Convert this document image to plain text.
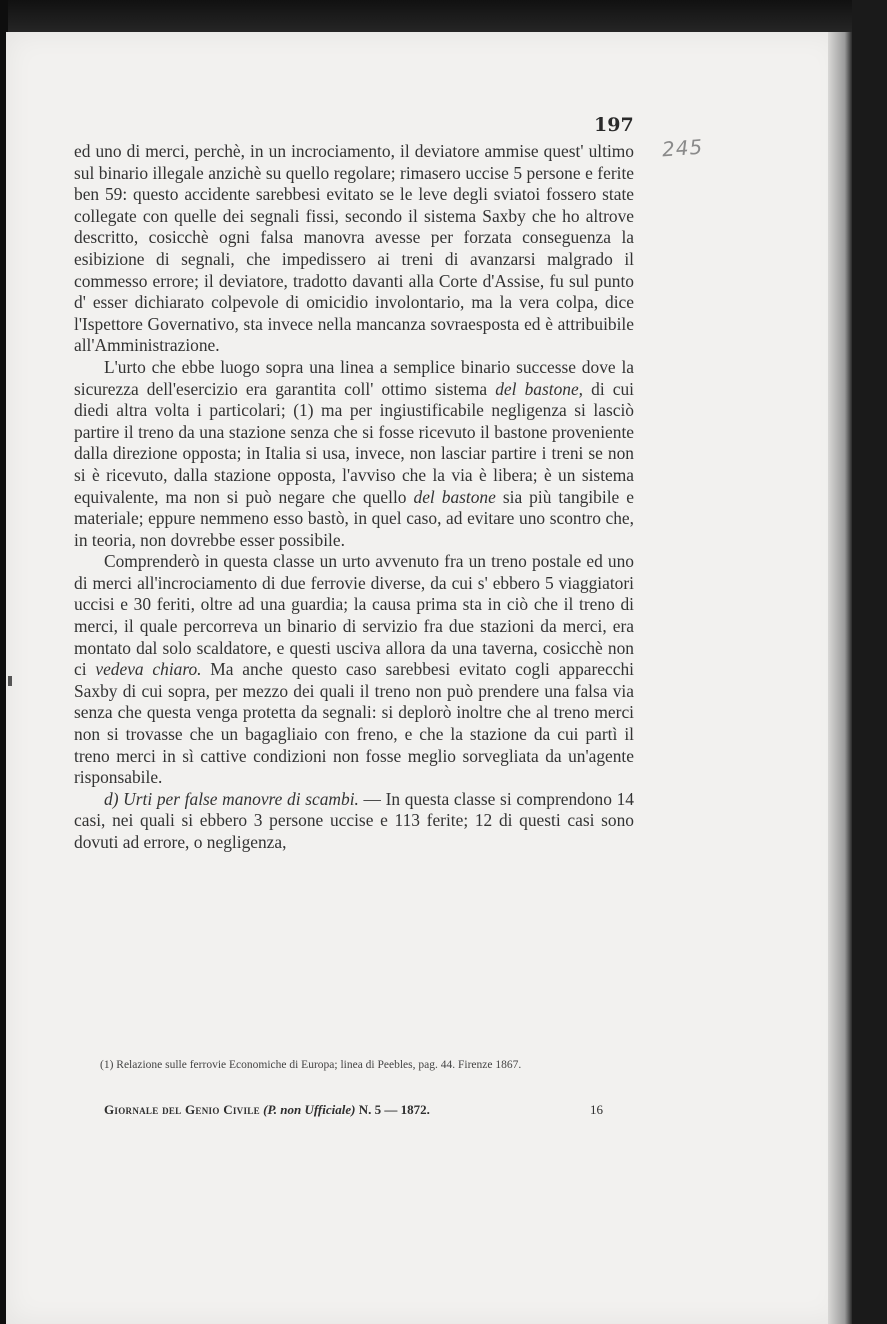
197

245

ed uno di merci, perchè, in un incrociamento, il deviatore ammise quest' ultimo sul binario illegale anzichè su quello regolare; rimasero uccise 5 persone e ferite ben 59: questo accidente sarebbesi evitato se le leve degli sviatoi fossero state collegate con quelle dei segnali fissi, secondo il sistema Saxby che ho altrove descritto, cosicchè ogni falsa manovra avesse per forzata conseguenza la esibizione di segnali, che impedissero ai treni di avanzarsi malgrado il commesso errore; il deviatore, tradotto davanti alla Corte d'Assise, fu sul punto d' esser dichiarato colpevole di omicidio involontario, ma la vera colpa, dice l'Ispettore Governativo, sta invece nella mancanza sovraesposta ed è attribuibile all'Amministrazione.

L'urto che ebbe luogo sopra una linea a semplice binario successe dove la sicurezza dell'esercizio era garantita coll' ottimo sistema del bastone, di cui diedi altra volta i particolari; (1) ma per ingiustificabile negligenza si lasciò partire il treno da una stazione senza che si fosse ricevuto il bastone proveniente dalla direzione opposta; in Italia si usa, invece, non lasciar partire i treni se non si è ricevuto, dalla stazione opposta, l'avviso che la via è libera; è un sistema equivalente, ma non si può negare che quello del bastone sia più tangibile e materiale; eppure nemmeno esso bastò, in quel caso, ad evitare uno scontro che, in teoria, non dovrebbe esser possibile.

Comprenderò in questa classe un urto avvenuto fra un treno postale ed uno di merci all'incrociamento di due ferrovie diverse, da cui s' ebbero 5 viaggiatori uccisi e 30 feriti, oltre ad una guardia; la causa prima sta in ciò che il treno di merci, il quale percorreva un binario di servizio fra due stazioni da merci, era montato dal solo scaldatore, e questi usciva allora da una taverna, cosicchè non ci vedeva chiaro. Ma anche questo caso sarebbesi evitato cogli apparecchi Saxby di cui sopra, per mezzo dei quali il treno non può prendere una falsa via senza che questa venga protetta da segnali: si deplorò inoltre che al treno merci non si trovasse che un bagagliaio con freno, e che la stazione da cui partì il treno merci in sì cattive condizioni non fosse meglio sorvegliata da un'agente risponsabile.

d) Urti per false manovre di scambi. — In questa classe si comprendono 14 casi, nei quali si ebbero 3 persone uccise e 113 ferite; 12 di questi casi sono dovuti ad errore, o negligenza,

(1) Relazione sulle ferrovie Economiche di Europa; linea di Peebles, pag. 44. Firenze 1867.

Giornale del Genio Civile (P. non Ufficiale) N. 5 — 1872.	16
